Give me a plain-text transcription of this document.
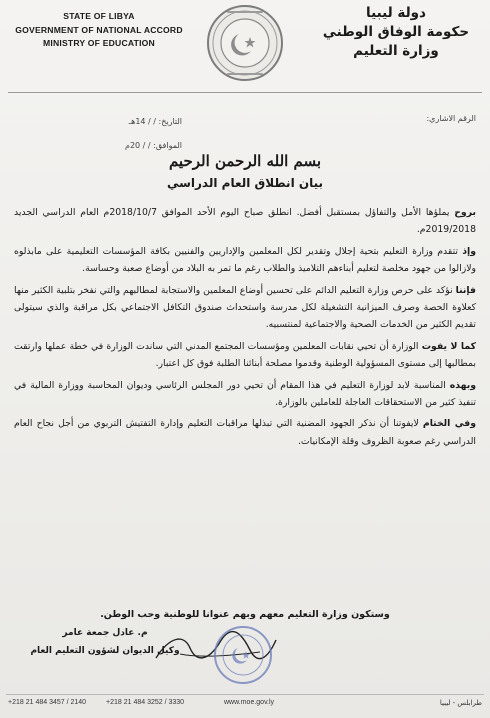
STATE OF LIBYA
GOVERNMENT OF NATIONAL ACCORD
MINISTRY OF EDUCATION
دولة ليبيا
حكومة الوفاق الوطني
وزارة التعليم
الرقم الاشاري:
التاريخ: / / 14هـ
الموافق: / / 20م
بسم الله الرحمن الرحيم
بيان انطلاق العام الدراسي

بروح يملؤها الأمل والتفاؤل بمستقبل أفضل. انطلق صباح اليوم الأحد الموافق 2018/10/7م العام الدراسي الجديد 2019/2018م.

وإذ تتقدم وزارة التعليم بتحية إجلال وتقدير لكل المعلمين والإداريين والفنيين بكافة المؤسسات التعليمية على مابذلوه ولازالوا من جهود مخلصة لتعليم أبناءهم التلاميذ والطلاب رغم ما تمر به البلاد من أوضاع صعبة وحساسة.

فإننا نؤكد على حرص وزارة التعليم الدائم على تحسين أوضاع المعلمين والاستجابة لمطالبهم والتي نفخر بتلبية الكثير منها كعلاوة الحصة وصرف الميزانية التشغيلة لكل مدرسة واستحداث صندوق التكافل الاجتماعي بكل مراقبة والذي سيتولى تقديم الكثير من الخدمات الصحية والاجتماعية لمنتسبيه.

كما لا يفوت الوزارة أن تحيي نقابات المعلمين ومؤسسات المجتمع المدني التي ساندت الوزارة في خطة عملها وارتقت بمطالبها إلى مستوى المسؤولية الوطنية وقدموا مصلحة أبنائنا الطلبة فوق كل اعتبار.

وبهذه المناسبة لابد لوزارة التعليم في هذا المقام أن تحيي دور المجلس الرئاسي وديوان المحاسبة ووزارة المالية في تنفيذ كثير من الاستحقاقات العاجلة للعاملين بالوزارة.

وفي الختام لايفوتنا أن نذكر الجهود المضنية التي تبذلها مراقبات التعليم وإدارة التفتيش التربوي من أجل نجاح العام الدراسي رغم صعوبة الظروف وقلة الإمكانيات.

وستكون وزارة التعليم معهم وبهم عنوانا للوطنية وحب الوطن.
م. عادل جمعة عامر
وكيل الديوان لشؤون التعليم العام
+218 21 484 3457 / 2140	+218 21 484 3252 / 3330	www.moe.gov.ly	طرابلس - ليبيا
